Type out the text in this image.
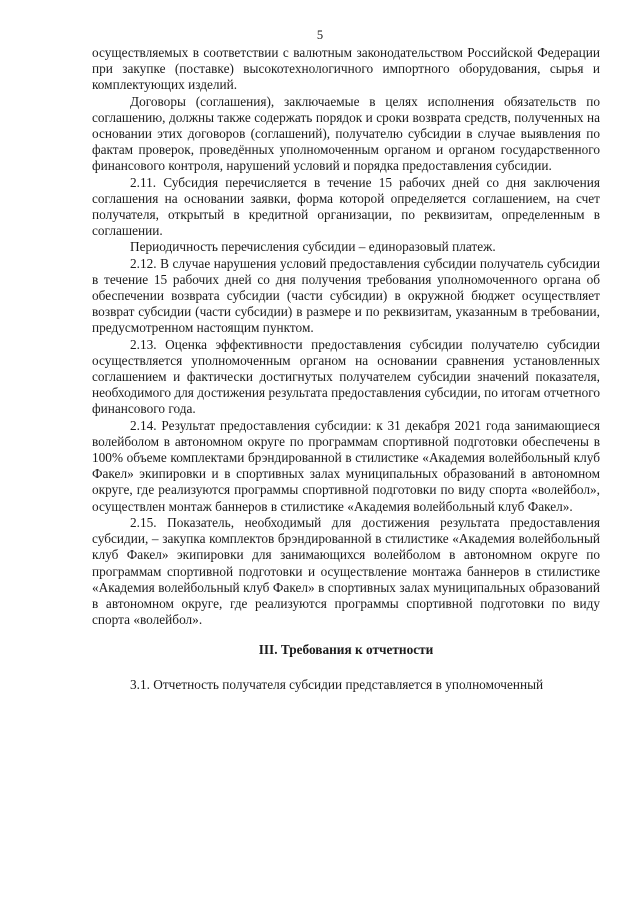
5

осуществляемых в соответствии с валютным законодательством Российской Федерации при закупке (поставке) высокотехнологичного импортного оборудования, сырья и комплектующих изделий.

Договоры (соглашения), заключаемые в целях исполнения обязательств по соглашению, должны также содержать порядок и сроки возврата средств, полученных на основании этих договоров (соглашений), получателю субсидии в случае выявления по фактам проверок, проведённых уполномоченным органом и органом государственного финансового контроля, нарушений условий и порядка предоставления субсидии.

2.11. Субсидия перечисляется в течение 15 рабочих дней со дня заключения соглашения на основании заявки, форма которой определяется соглашением, на счет получателя, открытый в кредитной организации, по реквизитам, определенным в соглашении.

Периодичность перечисления субсидии – единоразовый платеж.

2.12. В случае нарушения условий предоставления субсидии получатель субсидии в течение 15 рабочих дней со дня получения требования уполномоченного органа об обеспечении возврата субсидии (части субсидии) в окружной бюджет осуществляет возврат субсидии (части субсидии) в размере и по реквизитам, указанным в требовании, предусмотренном настоящим пунктом.

2.13. Оценка эффективности предоставления субсидии получателю субсидии осуществляется уполномоченным органом на основании сравнения установленных соглашением и фактически достигнутых получателем субсидии значений показателя, необходимого для достижения результата предоставления субсидии, по итогам отчетного финансового года.

2.14. Результат предоставления субсидии: к 31 декабря 2021 года занимающиеся волейболом в автономном округе по программам спортивной подготовки обеспечены в 100% объеме комплектами брэндированной в стилистике «Академия волейбольный клуб Факел» экипировки и в спортивных залах муниципальных образований в автономном округе, где реализуются программы спортивной подготовки по виду спорта «волейбол», осуществлен монтаж баннеров в стилистике «Академия волейбольный клуб Факел».

2.15. Показатель, необходимый для достижения результата предоставления субсидии, – закупка комплектов брэндированной в стилистике «Академия волейбольный клуб Факел» экипировки для занимающихся волейболом в автономном округе по программам спортивной подготовки и осуществление монтажа баннеров в стилистике «Академия волейбольный клуб Факел» в спортивных залах муниципальных образований в автономном округе, где реализуются программы спортивной подготовки по виду спорта «волейбол».

III. Требования к отчетности

3.1. Отчетность получателя субсидии представляется в уполномоченный
